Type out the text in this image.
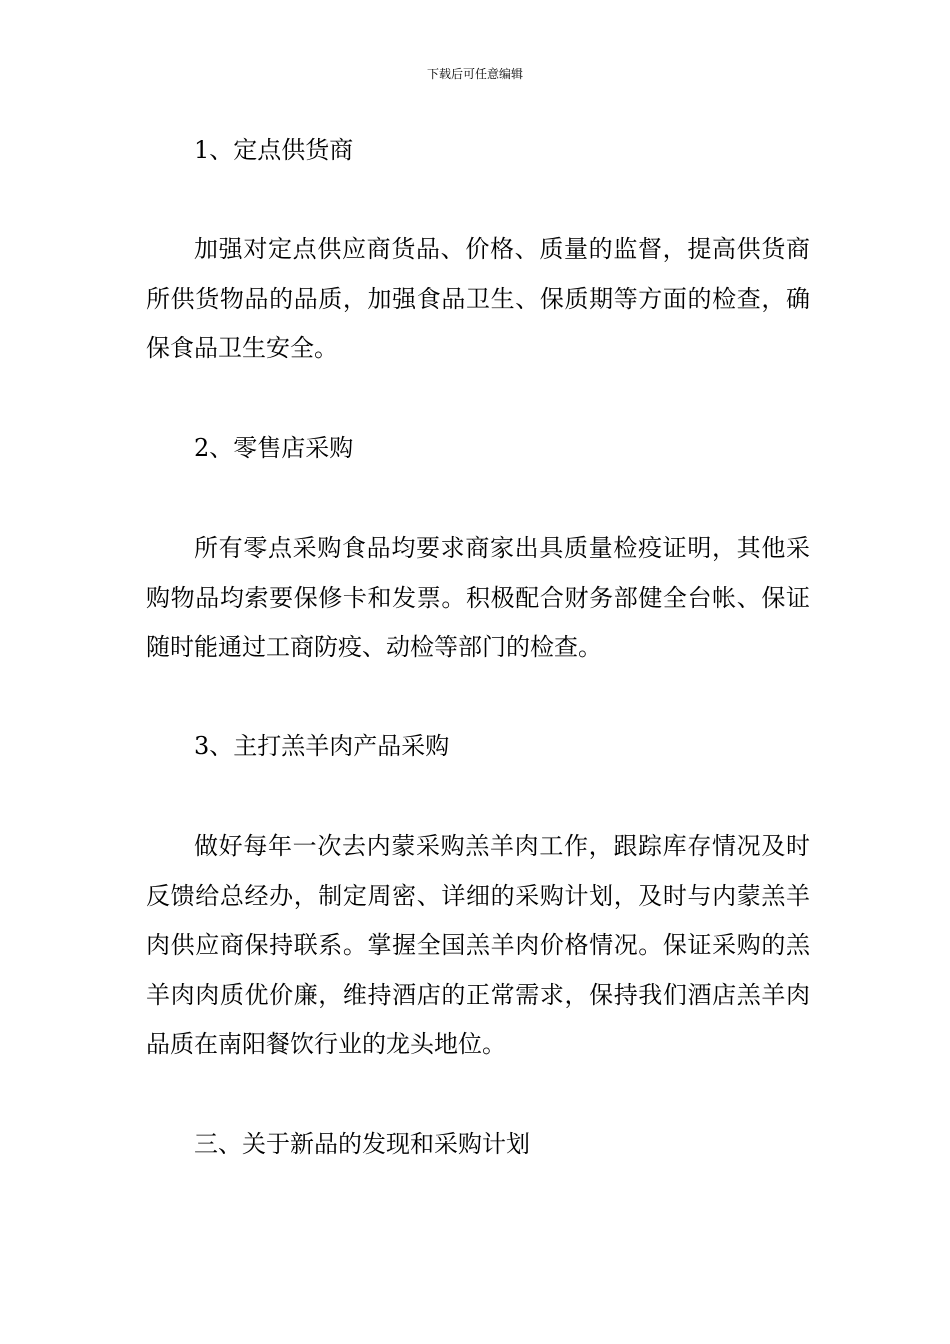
下载后可任意编辑

1、定点供货商

加强对定点供应商货品、价格、质量的监督，提高供货商所供货物品的品质，加强食品卫生、保质期等方面的检查，确保食品卫生安全。

2、零售店采购

所有零点采购食品均要求商家出具质量检疫证明，其他采购物品均索要保修卡和发票。积极配合财务部健全台帐、保证随时能通过工商防疫、动检等部门的检查。

3、主打羔羊肉产品采购

做好每年一次去内蒙采购羔羊肉工作，跟踪库存情况及时反馈给总经办，制定周密、详细的采购计划，及时与内蒙羔羊肉供应商保持联系。掌握全国羔羊肉价格情况。保证采购的羔羊肉肉质优价廉，维持酒店的正常需求，保持我们酒店羔羊肉品质在南阳餐饮行业的龙头地位。

三、关于新品的发现和采购计划
